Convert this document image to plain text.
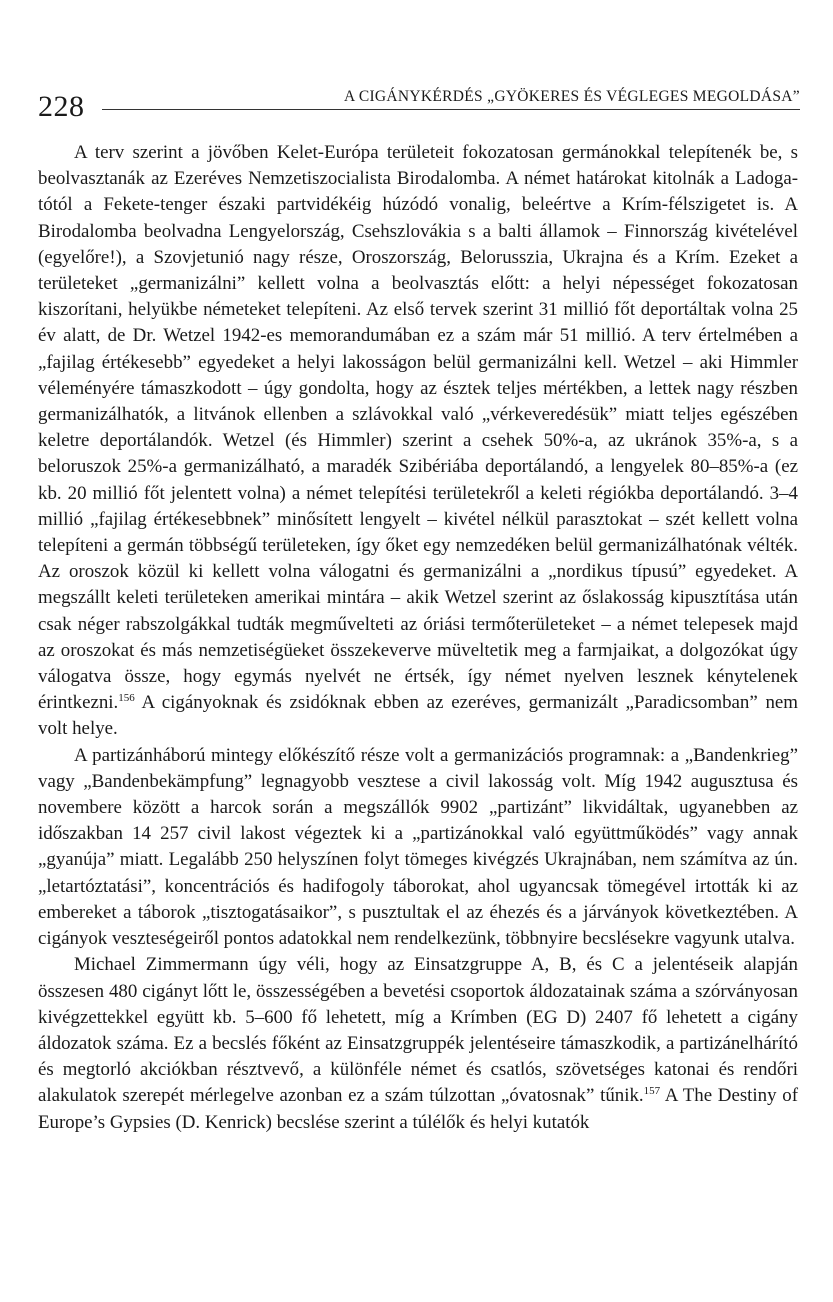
228	A CIGÁNYKÉRDÉS „GYÖKERES ÉS VÉGLEGES MEGOLDÁSA”

A terv szerint a jövőben Kelet-Európa területeit fokozatosan germánokkal telepítenék be, s beolvasztanák az Ezeréves Nemzetiszocialista Birodalomba. A német határokat kitolnák a Ladoga-tótól a Fekete-tenger északi partvidékéig húzódó vonalig, beleértve a Krím-félszigetet is. A Birodalomba beolvadna Lengyelország, Csehszlovákia s a balti államok – Finnország kivételével (egyelőre!), a Szovjetunió nagy része, Oroszország, Belorusszia, Ukrajna és a Krím. Ezeket a területeket „germanizálni” kellett volna a beolvasztás előtt: a helyi népességet fokozatosan kiszorítani, helyükbe németeket telepíteni. Az első tervek szerint 31 millió főt deportáltak volna 25 év alatt, de Dr. Wetzel 1942-es memorandumában ez a szám már 51 millió. A terv értelmében a „fajilag értékesebb” egyedeket a helyi lakosságon belül germanizálni kell. Wetzel – aki Himmler véleményére támaszkodott – úgy gondolta, hogy az észtek teljes mértékben, a lettek nagy részben germanizálhatók, a litvánok ellenben a szlávokkal való „vérkeveredésük” miatt teljes egészében keletre deportálandók. Wetzel (és Himmler) szerint a csehek 50%-a, az ukránok 35%-a, s a beloruszok 25%-a germanizálható, a maradék Szibériába deportálandó, a lengyelek 80–85%-a (ez kb. 20 millió főt jelentett volna) a német telepítési területekről a keleti régiókba deportálandó. 3–4 millió „fajilag értékesebbnek” minősített lengyelt – kivétel nélkül parasztokat – szét kellett volna telepíteni a germán többségű területeken, így őket egy nemzedéken belül germanizálhatónak vélték. Az oroszok közül ki kellett volna válogatni és germanizálni a „nordikus típusú” egyedeket. A megszállt keleti területeken amerikai mintára – akik Wetzel szerint az őslakosság kipusztítása után csak néger rabszolgákkal tudták megművelteti az óriási termőterületeket – a német telepesek majd az oroszokat és más nemzetiségüeket összekeverve müveltetik meg a farmjaikat, a dolgozókat úgy válogatva össze, hogy egymás nyelvét ne értsék, így német nyelven lesznek kénytelenek érintkezni.$^{156}$ A cigányoknak és zsidóknak ebben az ezeréves, germanizált „Paradicsomban” nem volt helye.

A partizánháború mintegy előkészítő része volt a germanizációs programnak: a „Bandenkrieg” vagy „Bandenbekämpfung” legnagyobb vesztese a civil lakosság volt. Míg 1942 augusztusa és novembere között a harcok során a megszállók 9902 „partizánt” likvidáltak, ugyanebben az időszakban 14 257 civil lakost végeztek ki a „partizánokkal való együttműködés” vagy annak „gyanúja” miatt. Legalább 250 helyszínen folyt tömeges kivégzés Ukrajnában, nem számítva az ún. „letartóztatási”, koncentrációs és hadifogoly táborokat, ahol ugyancsak tömegével irtották ki az embereket a táborok „tisztogatásaikor”, s pusztultak el az éhezés és a járványok következtében. A cigányok veszteségeiről pontos adatokkal nem rendelkezünk, többnyire becslésekre vagyunk utalva.

Michael Zimmermann úgy véli, hogy az Einsatzgruppe A, B, és C a jelentéseik alapján összesen 480 cigányt lőtt le, összességében a bevetési csoportok áldozatainak száma a szórványosan kivégzettekkel együtt kb. 5–600 fő lehetett, míg a Krímben (EG D) 2407 fő lehetett a cigány áldozatok száma. Ez a becslés főként az Einsatzgruppék jelentéseire támaszkodik, a partizánelhárító és megtorló akciókban résztvevő, a különféle német és csatlós, szövetséges katonai és rendőri alakulatok szerepét mérlegelve azonban ez a szám túlzottan „óvatosnak” tűnik.$^{157}$ A The Destiny of Europe’s Gypsies (D. Kenrick) becslése szerint a túlélők és helyi kutatók
